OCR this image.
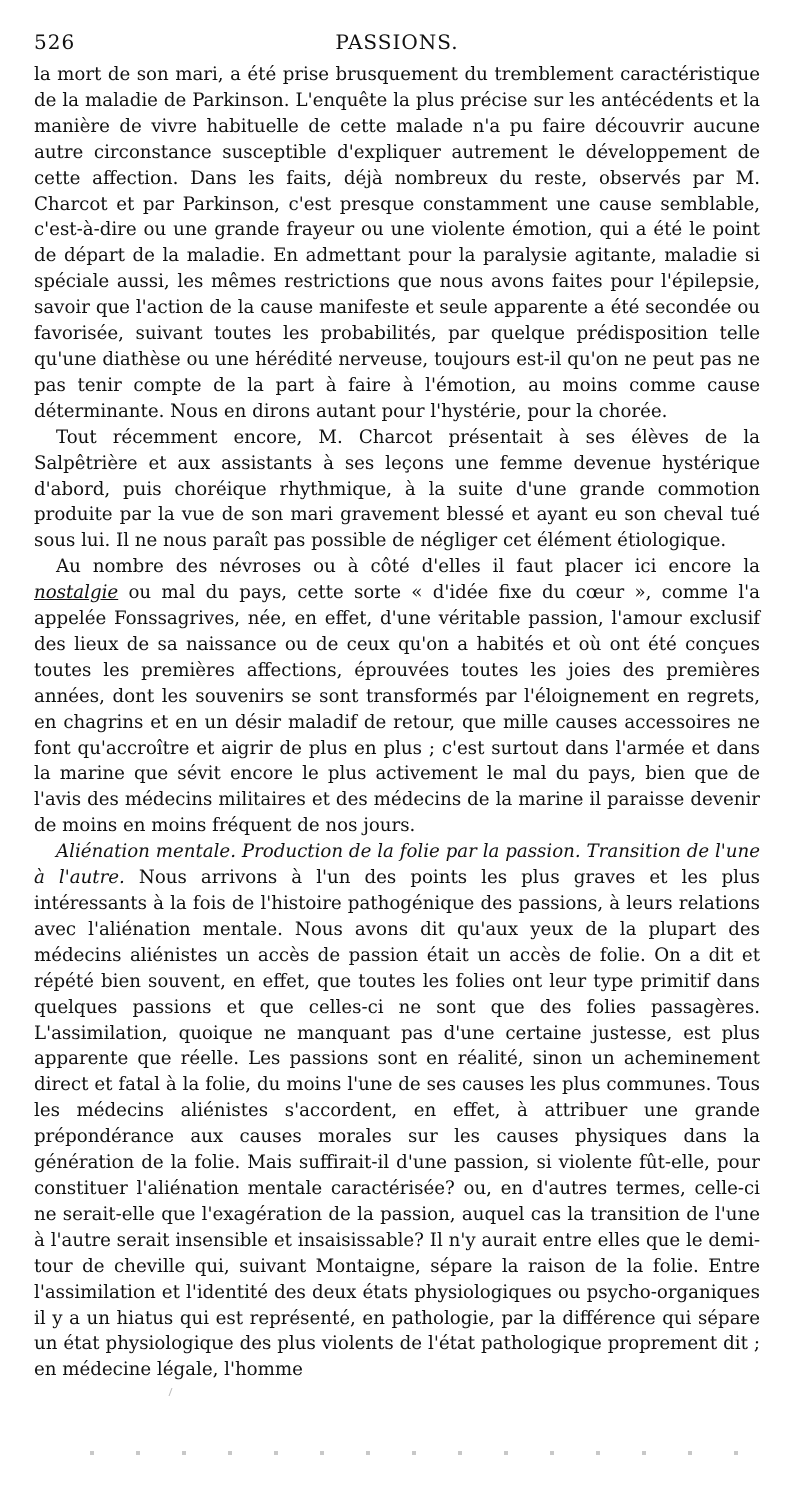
526	PASSIONS.

la mort de son mari, a été prise brusquement du tremblement caractéristique de la maladie de Parkinson. L'enquête la plus précise sur les antécédents et la manière de vivre habituelle de cette malade n'a pu faire découvrir aucune autre circonstance susceptible d'expliquer autrement le développement de cette affection. Dans les faits, déjà nombreux du reste, observés par M. Charcot et par Parkinson, c'est presque constamment une cause semblable, c'est-à-dire ou une grande frayeur ou une violente émotion, qui a été le point de départ de la maladie. En admettant pour la paralysie agitante, maladie si spéciale aussi, les mêmes restrictions que nous avons faites pour l'épilepsie, savoir que l'action de la cause manifeste et seule apparente a été secondée ou favorisée, suivant toutes les probabilités, par quelque prédisposition telle qu'une diathèse ou une hérédité nerveuse, toujours est-il qu'on ne peut pas ne pas tenir compte de la part à faire à l'émotion, au moins comme cause déterminante. Nous en dirons autant pour l'hystérie, pour la chorée.

Tout récemment encore, M. Charcot présentait à ses élèves de la Salpêtrière et aux assistants à ses leçons une femme devenue hystérique d'abord, puis choréique rhythmique, à la suite d'une grande commotion produite par la vue de son mari gravement blessé et ayant eu son cheval tué sous lui. Il ne nous paraît pas possible de négliger cet élément étiologique.

Au nombre des névroses ou à côté d'elles il faut placer ici encore la nostalgie ou mal du pays, cette sorte « d'idée fixe du cœur », comme l'a appelée Fonssagrives, née, en effet, d'une véritable passion, l'amour exclusif des lieux de sa naissance ou de ceux qu'on a habités et où ont été conçues toutes les premières affections, éprouvées toutes les joies des premières années, dont les souvenirs se sont transformés par l'éloignement en regrets, en chagrins et en un désir maladif de retour, que mille causes accessoires ne font qu'accroître et aigrir de plus en plus ; c'est surtout dans l'armée et dans la marine que sévit encore le plus activement le mal du pays, bien que de l'avis des médecins militaires et des médecins de la marine il paraisse devenir de moins en moins fréquent de nos jours.

Aliénation mentale. Production de la folie par la passion. Transition de l'une à l'autre. Nous arrivons à l'un des points les plus graves et les plus intéressants à la fois de l'histoire pathogénique des passions, à leurs relations avec l'aliénation mentale. Nous avons dit qu'aux yeux de la plupart des médecins aliénistes un accès de passion était un accès de folie. On a dit et répété bien souvent, en effet, que toutes les folies ont leur type primitif dans quelques passions et que celles-ci ne sont que des folies passagères. L'assimilation, quoique ne manquant pas d'une certaine justesse, est plus apparente que réelle. Les passions sont en réalité, sinon un acheminement direct et fatal à la folie, du moins l'une de ses causes les plus communes. Tous les médecins aliénistes s'accordent, en effet, à attribuer une grande prépondérance aux causes morales sur les causes physiques dans la génération de la folie. Mais suffirait-il d'une passion, si violente fût-elle, pour constituer l'aliénation mentale caractérisée? ou, en d'autres termes, celle-ci ne serait-elle que l'exagération de la passion, auquel cas la transition de l'une à l'autre serait insensible et insaisissable? Il n'y aurait entre elles que le demi-tour de cheville qui, suivant Montaigne, sépare la raison de la folie. Entre l'assimilation et l'identité des deux états physiologiques ou psycho-organiques il y a un hiatus qui est représenté, en pathologie, par la différence qui sépare un état physiologique des plus violents de l'état pathologique proprement dit ; en médecine légale, l'homme
